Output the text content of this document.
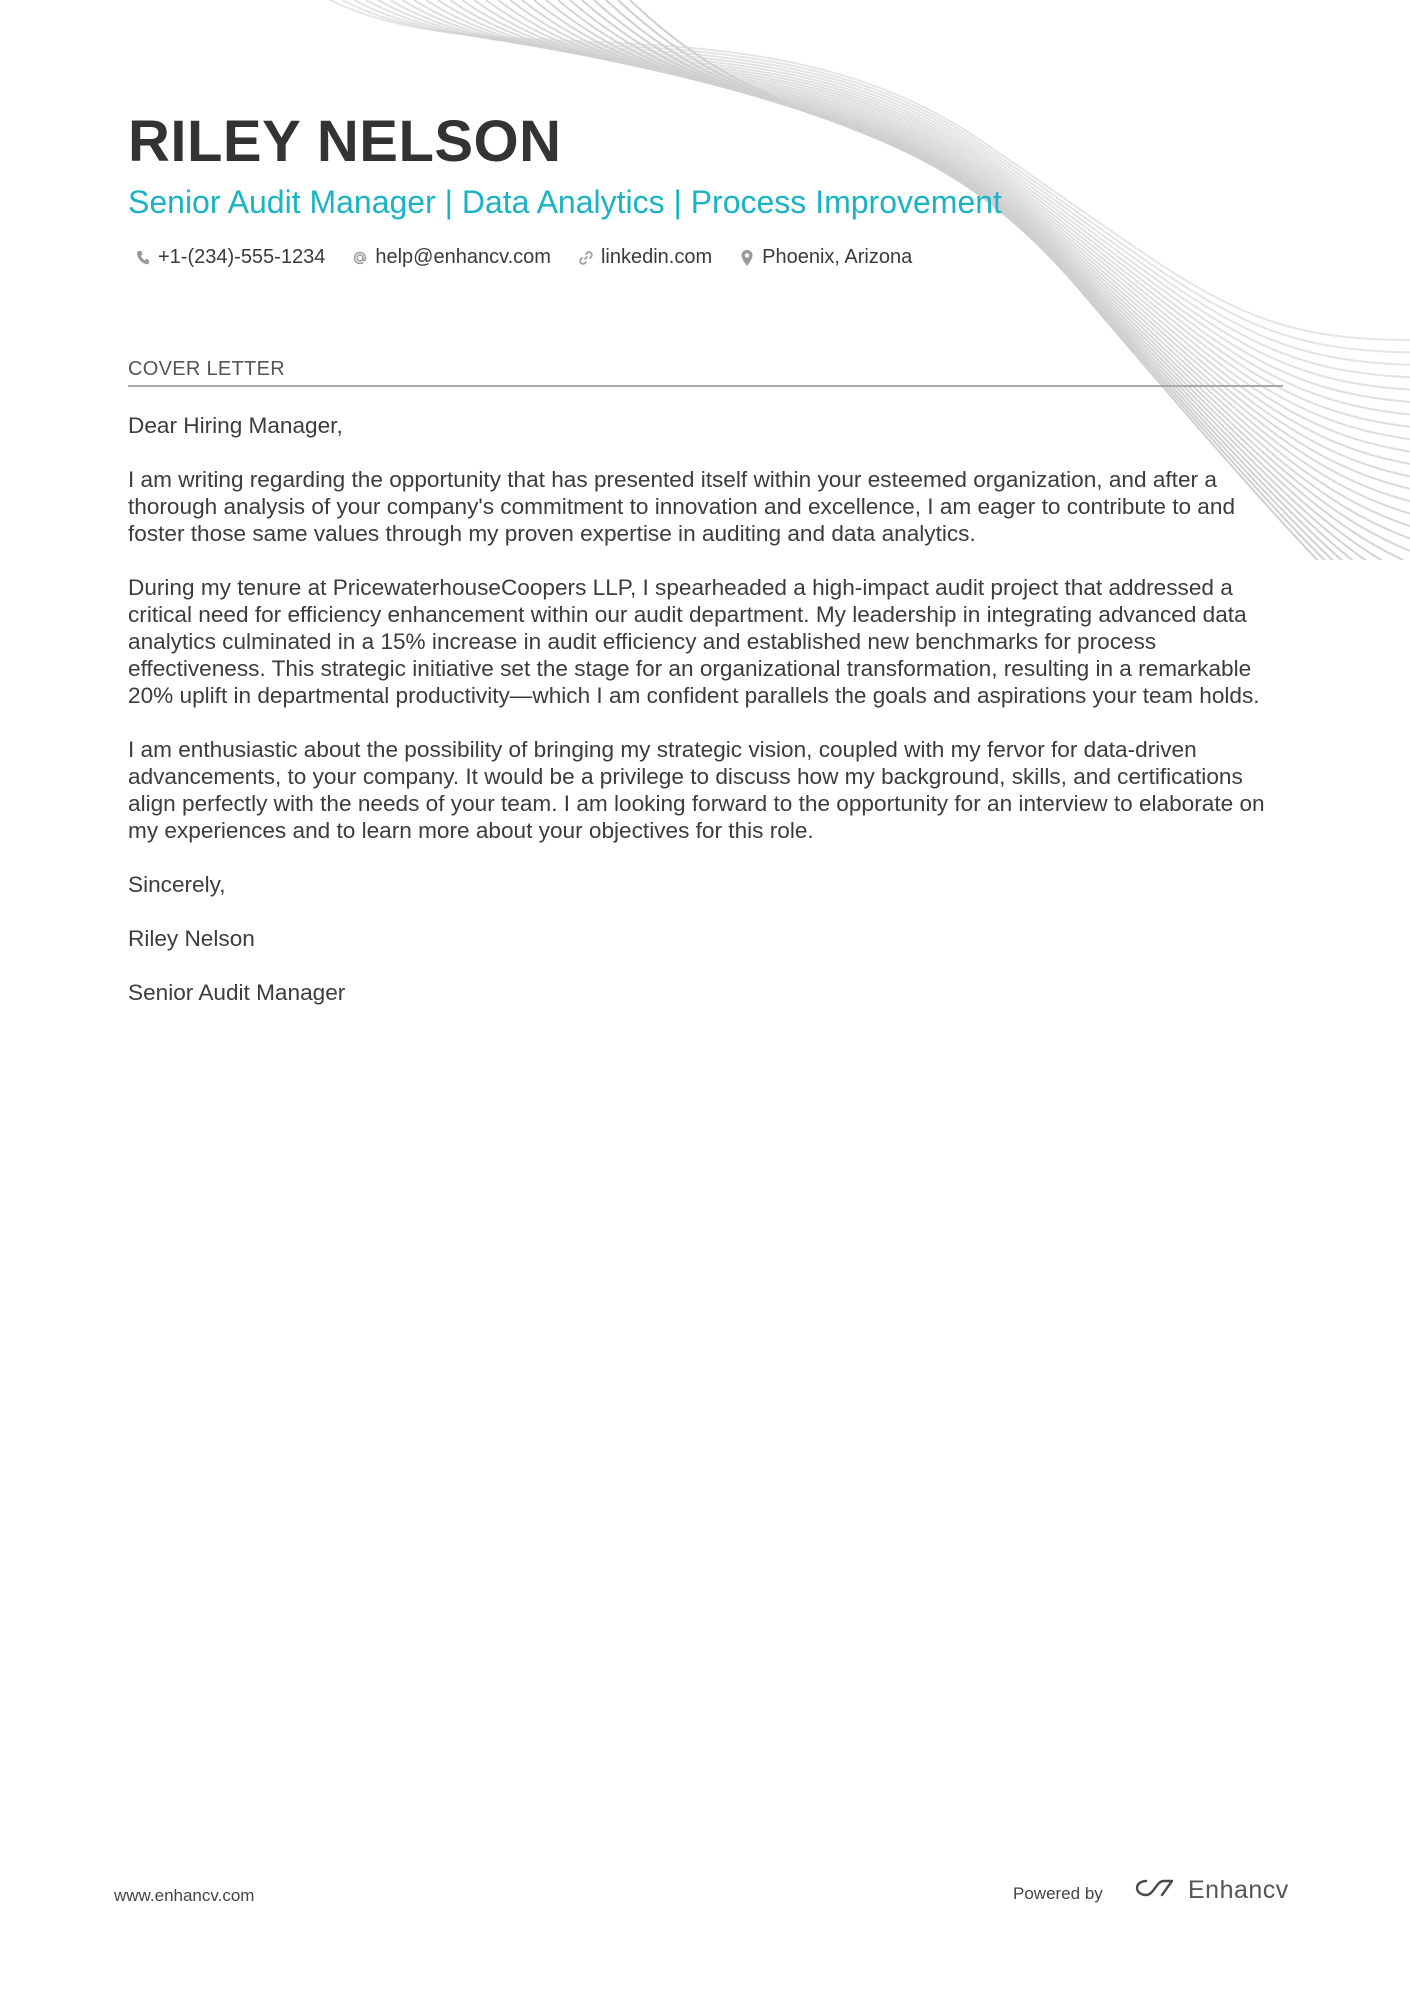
RILEY NELSON
Senior Audit Manager | Data Analytics | Process Improvement
+1-(234)-555-1234	help@enhancv.com	linkedin.com	Phoenix, Arizona
COVER LETTER

Dear Hiring Manager,

I am writing regarding the opportunity that has presented itself within your esteemed organization, and after a thorough analysis of your company's commitment to innovation and excellence, I am eager to contribute to and foster those same values through my proven expertise in auditing and data analytics.

During my tenure at PricewaterhouseCoopers LLP, I spearheaded a high-impact audit project that addressed a critical need for efficiency enhancement within our audit department. My leadership in integrating advanced data analytics culminated in a 15% increase in audit efficiency and established new benchmarks for process effectiveness. This strategic initiative set the stage for an organizational transformation, resulting in a remarkable 20% uplift in departmental productivity—which I am confident parallels the goals and aspirations your team holds.

I am enthusiastic about the possibility of bringing my strategic vision, coupled with my fervor for data-driven advancements, to your company. It would be a privilege to discuss how my background, skills, and certifications align perfectly with the needs of your team. I am looking forward to the opportunity for an interview to elaborate on my experiences and to learn more about your objectives for this role.

Sincerely,

Riley Nelson

Senior Audit Manager

www.enhancv.com	Powered by	Enhancv
